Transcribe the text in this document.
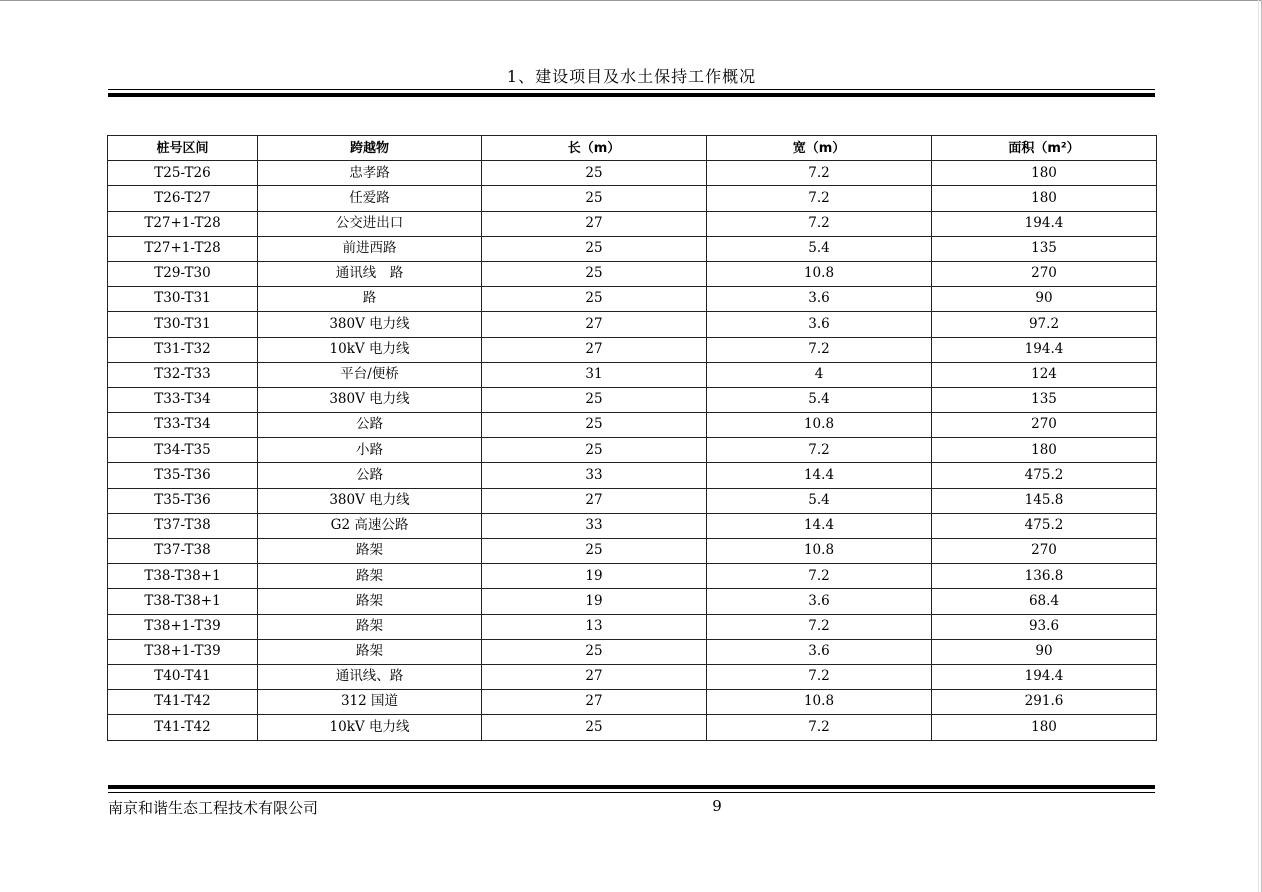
1、建设项目及水土保持工作概况
桩号区间	跨越物	长（m）	宽（m）	面积（m²）
T25-T26	忠孝路	25	7.2	180
T26-T27	任爱路	25	7.2	180
T27+1-T28	公交进出口	27	7.2	194.4
T27+1-T28	前进西路	25	5.4	135
T29-T30	通讯线　路	25	10.8	270
T30-T31	路	25	3.6	90
T30-T31	380V 电力线	27	3.6	97.2
T31-T32	10kV 电力线	27	7.2	194.4
T32-T33	平台/便桥	31	4	124
T33-T34	380V 电力线	25	5.4	135
T33-T34	公路	25	10.8	270
T34-T35	小路	25	7.2	180
T35-T36	公路	33	14.4	475.2
T35-T36	380V 电力线	27	5.4	145.8
T37-T38	G2 高速公路	33	14.4	475.2
T37-T38	路架	25	10.8	270
T38-T38+1	路架	19	7.2	136.8
T38-T38+1	路架	19	3.6	68.4
T38+1-T39	路架	13	7.2	93.6
T38+1-T39	路架	25	3.6	90
T40-T41	通讯线、路	27	7.2	194.4
T41-T42	312 国道	27	10.8	291.6
T41-T42	10kV 电力线	25	7.2	180
南京和谐生态工程技术有限公司	9
